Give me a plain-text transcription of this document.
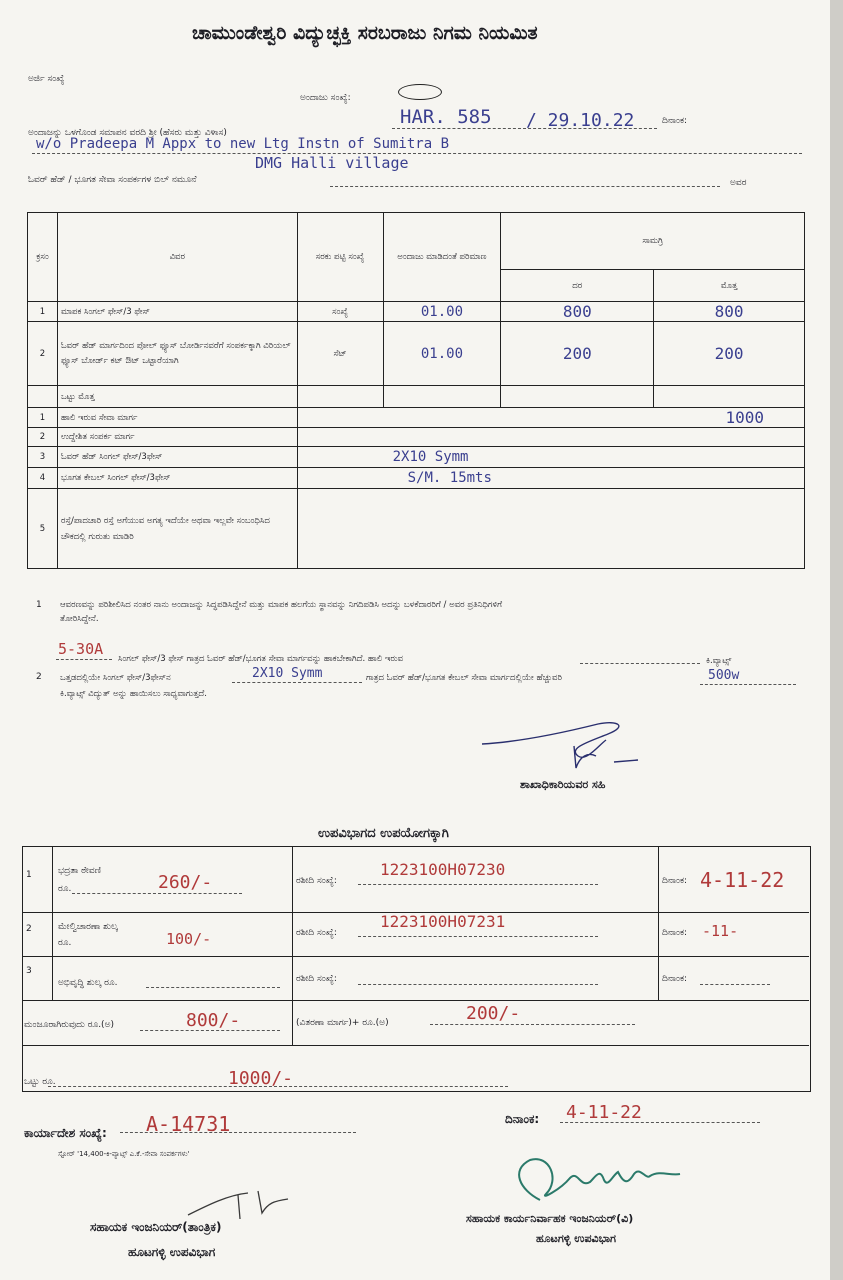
ಚಾಮುಂಡೇಶ್ವರಿ ವಿದ್ಯುಚ್ಛಕ್ತಿ ಸರಬರಾಜು ನಿಗಮ ನಿಯಮಿತ
ಅರ್ಜಿ ಸಂಖ್ಯೆ
ಅಂದಾಜು ಸಂಖ್ಯೆ:
HAR. 585 / 29.10.22	ದಿನಾಂಕ:
ಅಂದಾಜನ್ನು ಒಳಗೊಂಡ ಸಮಾಪನ ವರದಿ ಶ್ರೀ (ಹೆಸರು ಮತ್ತು ವಿಳಾಸ)
w/o Pradeepa M Appx to new Ltg Instn of Sumitra B
DMG Halli village
ಓವರ್ ಹೆಡ್ / ಭೂಗತ ಸೇವಾ ಸಂಪರ್ಕಗಳ ಬಿಲ್ ನಮೂನೆ	ಅವರ
ಕ್ರಸಂ	ವಿವರ	ಸರಕು ಪಟ್ಟಿ ಸಂಖ್ಯೆ	ಅಂದಾಜು ಮಾಡಿದಂತೆ ಪರಿಮಾಣ	ಸಾಮಗ್ರಿ	
				ದರ	ಮೊತ್ತ
1	ಮಾಪಕ ಸಿಂಗಲ್ ಫೇಸ್/3 ಫೇಸ್	ಸಂಖ್ಯೆ	01.00	800	800
2	ಓವರ್ ಹೆಡ್ ಮಾರ್ಗದಿಂದ ಪೋಲ್ ಫ್ಯೂಸ್ ಬೋರ್ಡಿನವರೆಗೆ ಸಂಪರ್ಕಕ್ಕಾಗಿ ವಿರಿಯಲ್ ಫ್ಯೂಸ್ ಬೋರ್ಡ್ ಕಟ್ ಔಟ್ ಒಟ್ಟಾರೆಯಾಗಿ	ಸೆಟ್	01.00	200	200
	ಒಟ್ಟು ಮೊತ್ತ				
1	ಹಾಲಿ ಇರುವ ಸೇವಾ ಮಾರ್ಗ	1000			
2	ಉದ್ದೇಶಿತ ಸಂಪರ್ಕ ಮಾರ್ಗ				
3	ಓವರ್ ಹೆಡ್ ಸಿಂಗಲ್ ಫೇಸ್/3ಫೇಸ್	2X10 Symm			
4	ಭೂಗತ ಕೇಬಲ್ ಸಿಂಗಲ್ ಫೇಸ್/3ಫೇಸ್	S/M. 15mts			
5	ರಸ್ತೆ/ಪಾದಚಾರಿ ರಸ್ತೆ ಅಗೆಯುವ ಅಗತ್ಯ ಇದೆಯೇ ಅಥವಾ ಇಲ್ಲವೇ ಸಂಬಂಧಿಸಿದ ಚೌಕದಲ್ಲಿ ಗುರುತು ಮಾಡಿರಿ				
1 ಆವರಣವನ್ನು ಪರಿಶೀಲಿಸಿದ ನಂತರ ನಾನು ಅಂದಾಜನ್ನು ಸಿದ್ಧಪಡಿಸಿದ್ದೇನೆ ಮತ್ತು ಮಾಪಕ ಹಲಗೆಯ ಸ್ಥಾನವನ್ನು ನಿಗದಿಪಡಿಸಿ ಅದನ್ನು ಬಳಕೆದಾರರಿಗೆ / ಅವರ ಪ್ರತಿನಿಧಿಗಳಿಗೆ
ತೋರಿಸಿದ್ದೇನೆ.
5-30A
ಸಿಂಗಲ್ ಫೇಸ್/3 ಫೇಸ್ ಗಾತ್ರದ ಓವರ್ ಹೆಡ್/ಭೂಗತ ಸೇವಾ ಮಾರ್ಗವನ್ನು ಹಾಕಬೇಕಾಗಿದೆ. ಹಾಲಿ ಇರುವ	ಕಿ.ವ್ಯಾಟ್ಸ್
2 ಒತ್ತಡದಲ್ಲಿಯೇ ಸಿಂಗಲ್ ಫೇಸ್/3ಫೇಸ್‌ನ	2X10 Symm	ಗಾತ್ರದ ಓವರ್ ಹೆಡ್/ಭೂಗತ ಕೇಬಲ್ ಸೇವಾ ಮಾರ್ಗದಲ್ಲಿಯೇ ಹೆಚ್ಚುವರಿ	500w
ಕಿ.ವ್ಯಾಟ್ಸ್ ವಿದ್ಯುತ್ ಅನ್ನು ಹಾಯಿಸಲು ಸಾಧ್ಯವಾಗುತ್ತದೆ.
ಶಾಖಾಧಿಕಾರಿಯವರ ಸಹಿ
ಉಪವಿಭಾಗದ ಉಪಯೋಗಕ್ಕಾಗಿ
1	ಭದ್ರತಾ ಠೇವಣಿ
ರೂ.	260/-	ರಶೀದಿ ಸಂಖ್ಯೆ:
1223100H07230
ದಿನಾಂಕ: 4-11-22
2	ಮೇಲ್ವಿಚಾರಣಾ ಶುಲ್ಕ
ರೂ.	100/-	ರಶೀದಿ ಸಂಖ್ಯೆ:
1223100H07231
ದಿನಾಂಕ: -11-
3
ಅಭಿವೃದ್ಧಿ ಶುಲ್ಕ ರೂ.	ರಶೀದಿ ಸಂಖ್ಯೆ:	ದಿನಾಂಕ:
ಮಂಜೂರಾಗಿರುವುದು ರೂ.(ಅ)	800/-	(ವಿತರಣಾ ಮಾರ್ಗ)+ ರೂ.(ಅ)	200/-
ಒಟ್ಟು ರೂ.	1000/-
ಕಾರ್ಯಾದೇಶ ಸಂಖ್ಯೆ: A-14731	ದಿನಾಂಕ: 4-11-22
ಸ್ಟೋರ್ '14,400-ಕಿ-ವ್ಯಾಟ್ಸ್ ಎ.ಕೆ.-ಸೇವಾ ಸಂಪರ್ಕಗಳು'
ಸಹಾಯಕ ಇಂಜನಿಯರ್(ತಾಂತ್ರಿಕ)
ಹೂಟಗಳ್ಳಿ ಉಪವಿಭಾಗ
ಸಹಾಯಕ ಕಾರ್ಯನಿರ್ವಾಹಕ ಇಂಜನಿಯರ್(ವಿ)
ಹೂಟಗಳ್ಳಿ ಉಪವಿಭಾಗ
